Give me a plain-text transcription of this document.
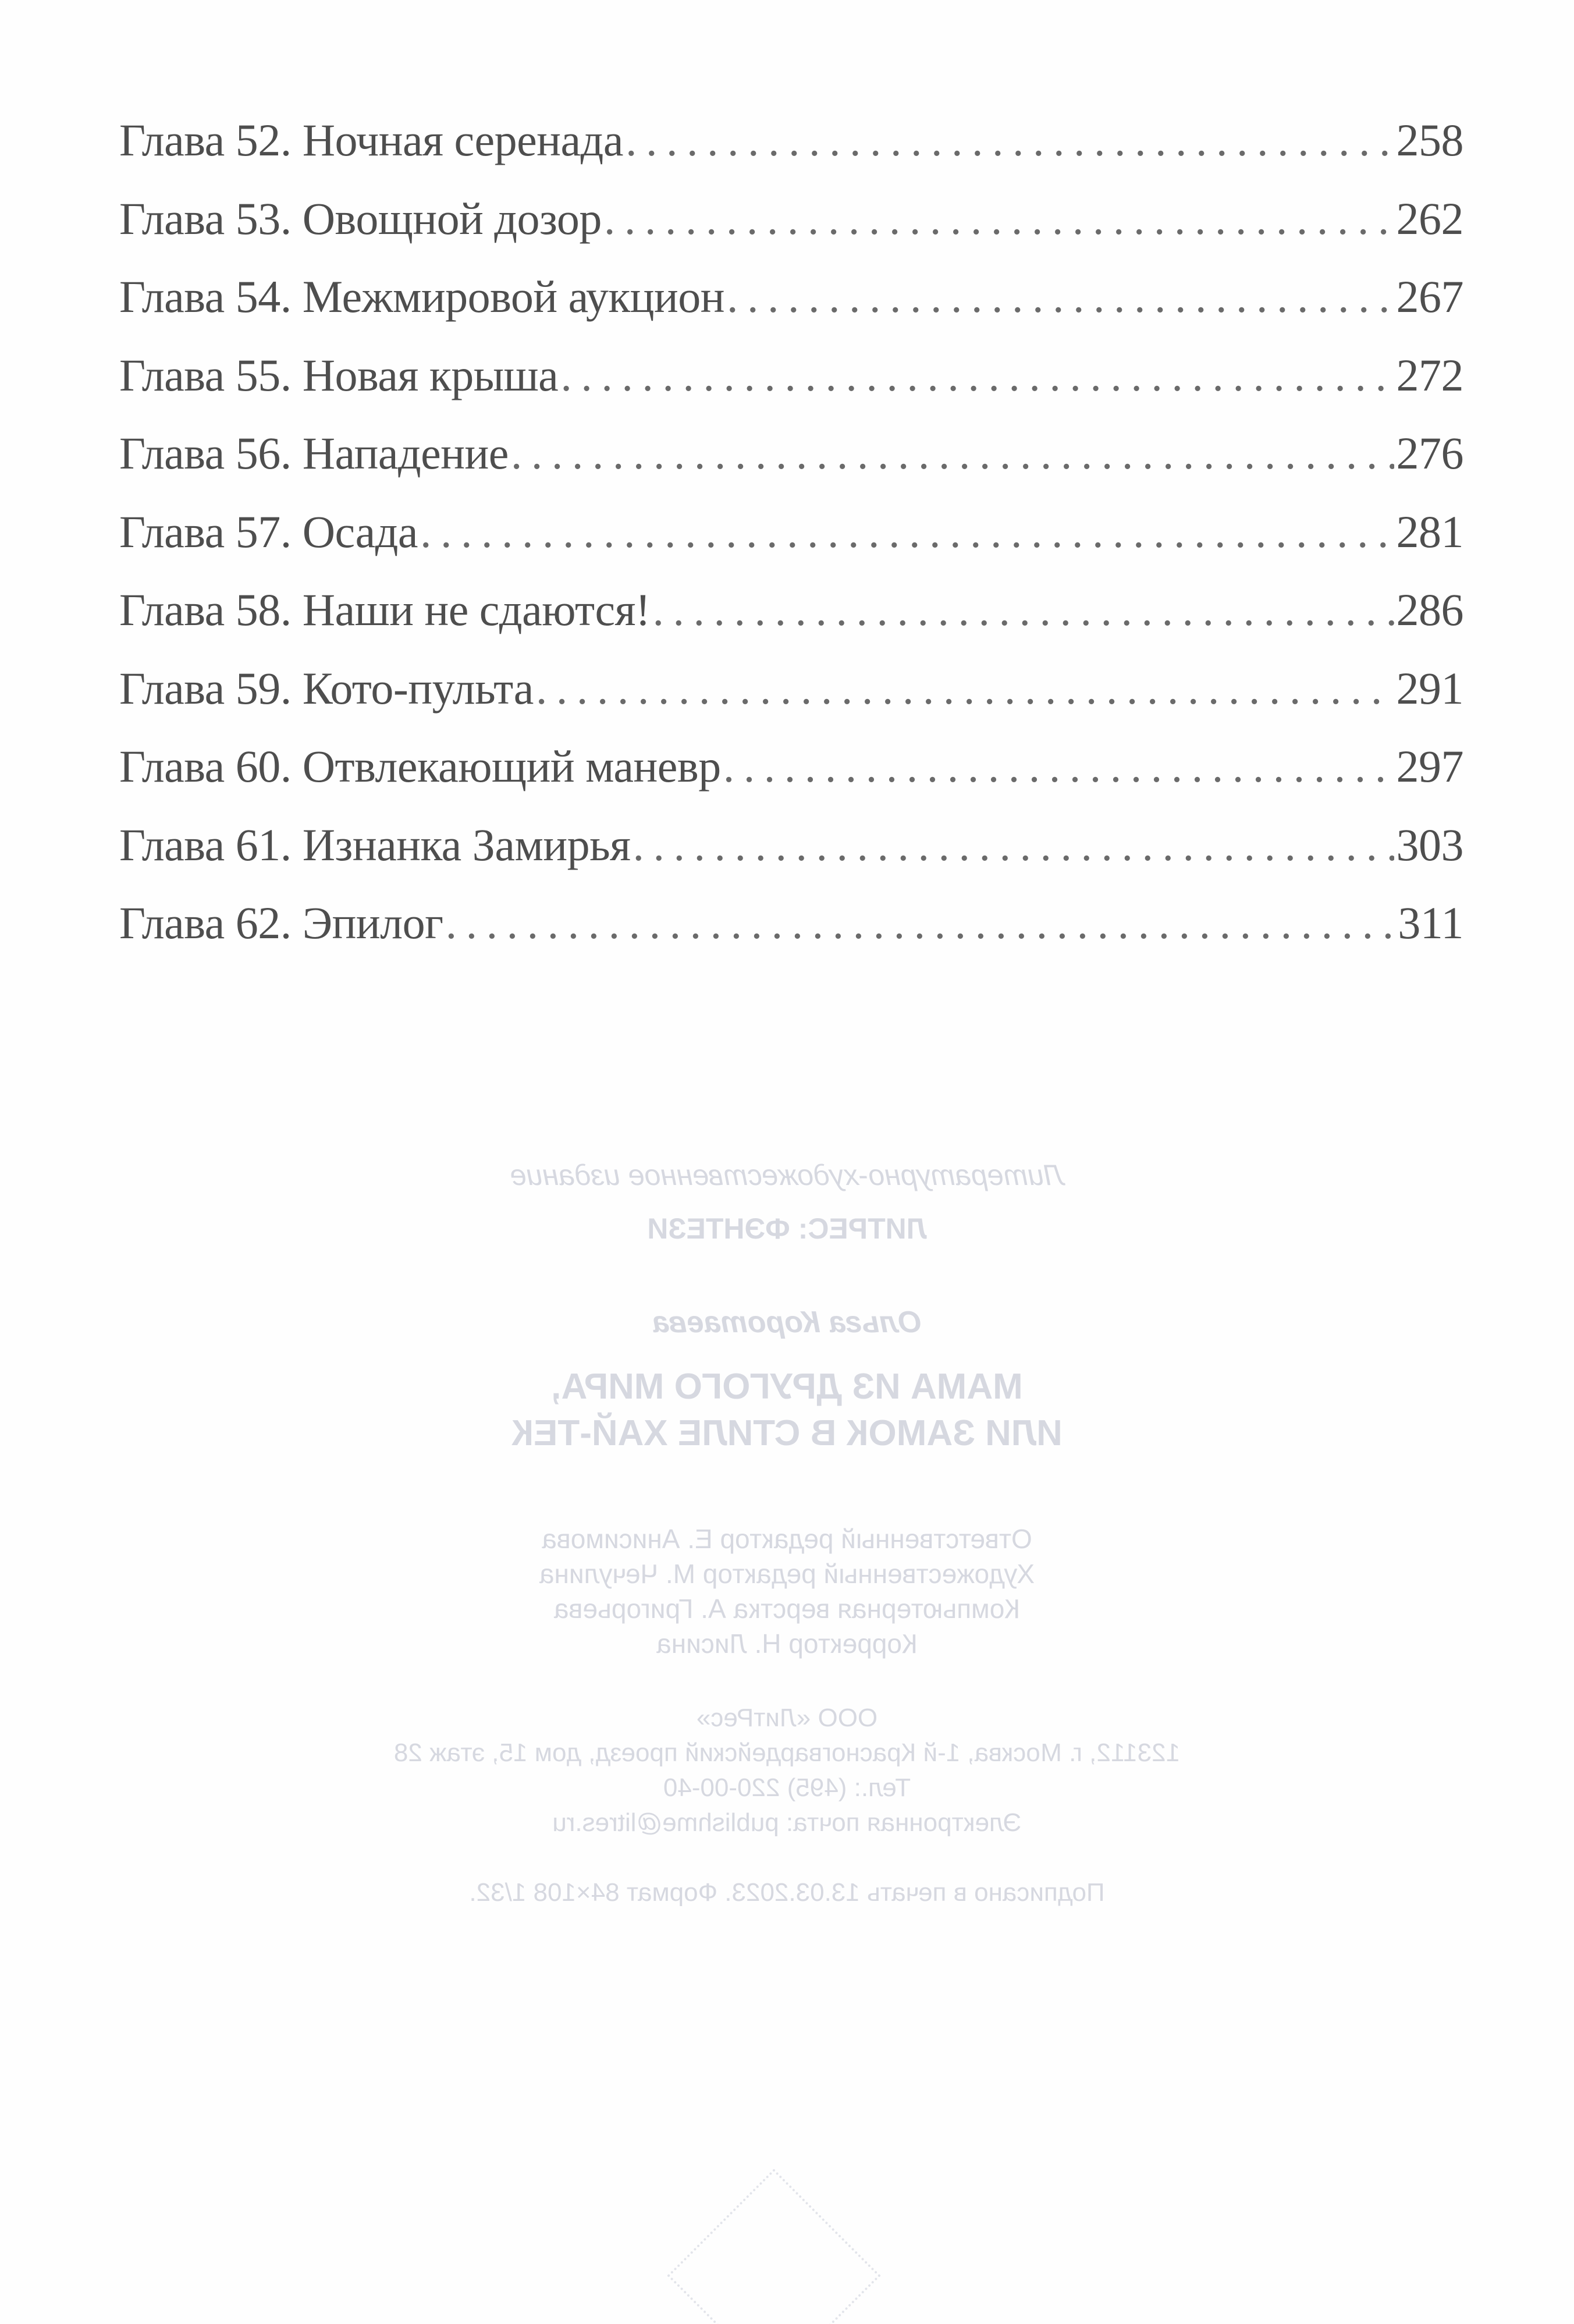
Глава 52. Ночная серенада . . .	258
Глава 53. Овощной дозор . . .	262
Глава 54. Межмировой аукцион . . .	267
Глава 55. Новая крыша . . .	272
Глава 56. Нападение . . .	276
Глава 57. Осада . . .	281
Глава 58. Наши не сдаются! . . .	286
Глава 59. Кото-пульта . . .	291
Глава 60. Отвлекающий маневр . . .	297
Глава 61. Изнанка Замирья . . .	303
Глава 62. Эпилог . . .	311
Литературно-художественное издание
ЛИТРЕС: ФЭНТЕЗИ
Ольга Коротаева
МАМА ИЗ ДРУГОГО МИРА,
ИЛИ ЗАМОК В СТИЛЕ ХАЙ-ТЕК
Ответственный редактор Е. Анисимова
Художественный редактор М. Чечулина
Компьютерная верстка А. Григорьева
Корректор Н. Лисина
ООО «ЛитРес»
123112, г. Москва, 1-й Красногвардейский проезд, дом 15, этаж 28
Тел.: (495) 220-00-40
Электронная почта: publishme@litres.ru
Подписано в печать 13.03.2023. Формат 84×108 1/32.
